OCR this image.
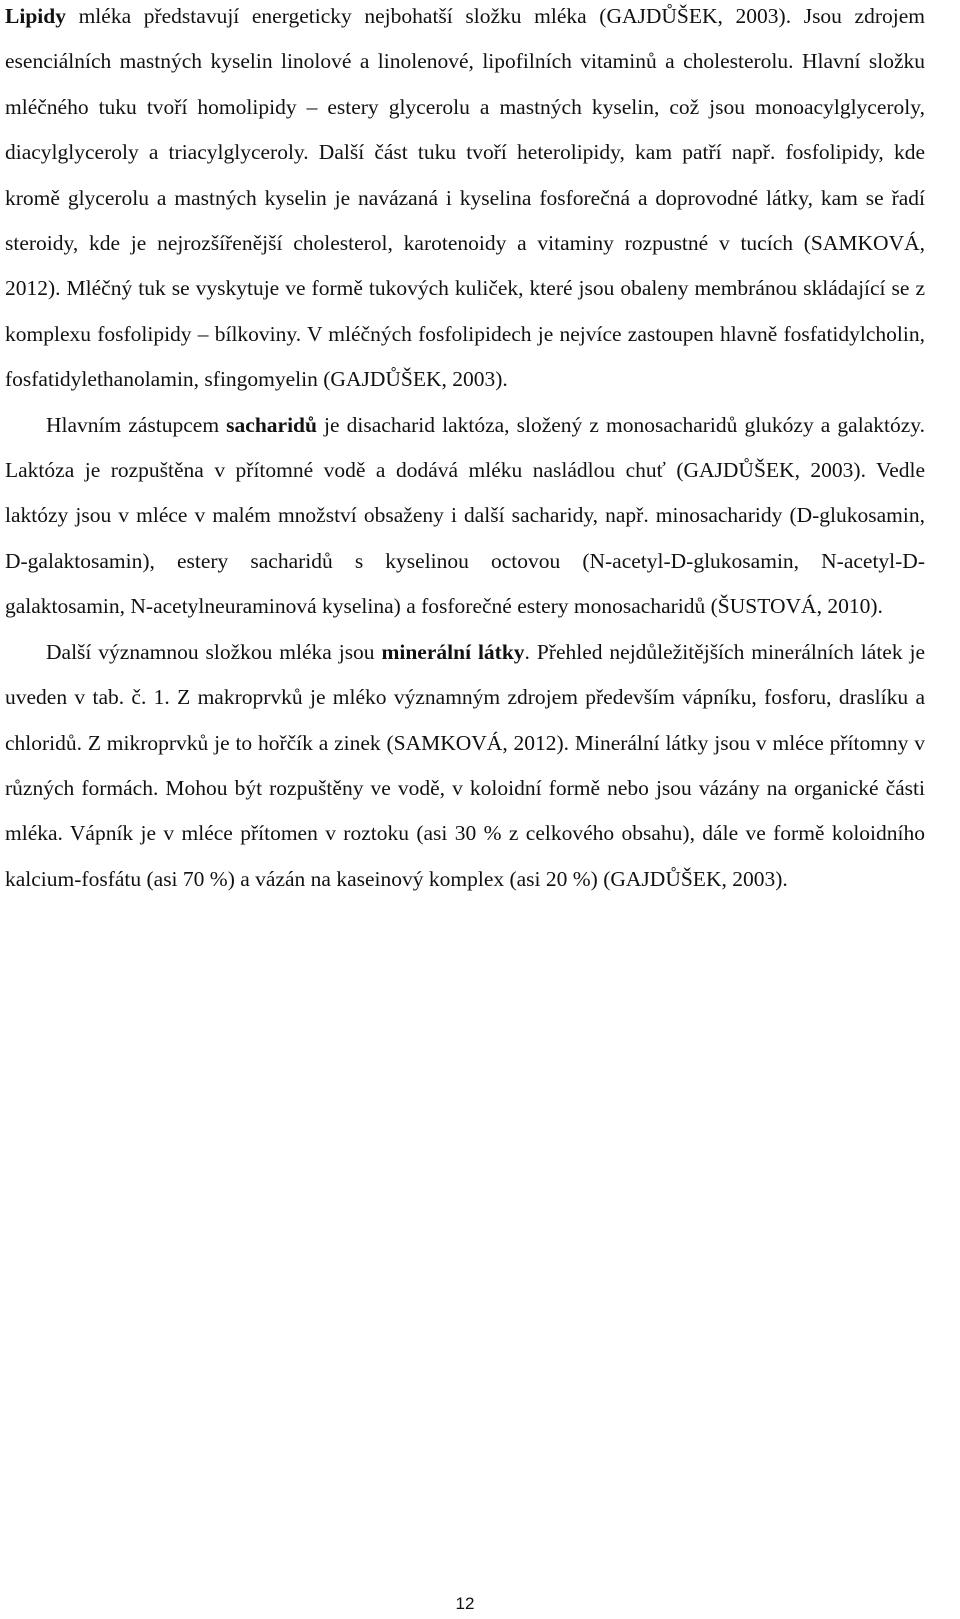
Lipidy mléka představují energeticky nejbohatší složku mléka (GAJDŮŠEK, 2003). Jsou zdrojem esenciálních mastných kyselin linolové a linolenové, lipofilních vitaminů a cholesterolu. Hlavní složku mléčného tuku tvoří homolipidy – estery glycerolu a mastných kyselin, což jsou monoacylglyceroly, diacylglyceroly a triacylglyceroly. Další část tuku tvoří heterolipidy, kam patří např. fosfolipidy, kde kromě glycerolu a mastných kyselin je navázaná i kyselina fosforečná a doprovodné látky, kam se řadí steroidy, kde je nejrozšířenější cholesterol, karotenoidy a vitaminy rozpustné v tucích (SAMKOVÁ, 2012). Mléčný tuk se vyskytuje ve formě tukových kuliček, které jsou obaleny membránou skládající se z komplexu fosfolipidy – bílkoviny. V mléčných fosfolipidech je nejvíce zastoupen hlavně fosfatidylcholin, fosfatidylethanolamin, sfingomyelin (GAJDŮŠEK, 2003).

Hlavním zástupcem sacharidů je disacharid laktóza, složený z monosacharidů glukózy a galaktózy. Laktóza je rozpuštěna v přítomné vodě a dodává mléku nasládlou chuť (GAJDŮŠEK, 2003). Vedle laktózy jsou v mléce v malém množství obsaženy i další sacharidy, např. minosacharidy (D-glukosamin, D-galaktosamin), estery sacharidů s kyselinou octovou (N-acetyl-D-glukosamin, N-acetyl-D-galaktosamin, N-acetylneuraminová kyselina) a fosforečné estery monosacharidů (ŠUSTOVÁ, 2010).

Další významnou složkou mléka jsou minerální látky. Přehled nejdůležitějších minerálních látek je uveden v tab. č. 1. Z makroprvků je mléko významným zdrojem především vápníku, fosforu, draslíku a chloridů. Z mikroprvků je to hořčík a zinek (SAMKOVÁ, 2012). Minerální látky jsou v mléce přítomny v různých formách. Mohou být rozpuštěny ve vodě, v koloidní formě nebo jsou vázány na organické části mléka. Vápník je v mléce přítomen v roztoku (asi 30 % z celkového obsahu), dále ve formě koloidního kalcium-fosfátu (asi 70 %) a vázán na kaseinový komplex (asi 20 %) (GAJDŮŠEK, 2003).

12
